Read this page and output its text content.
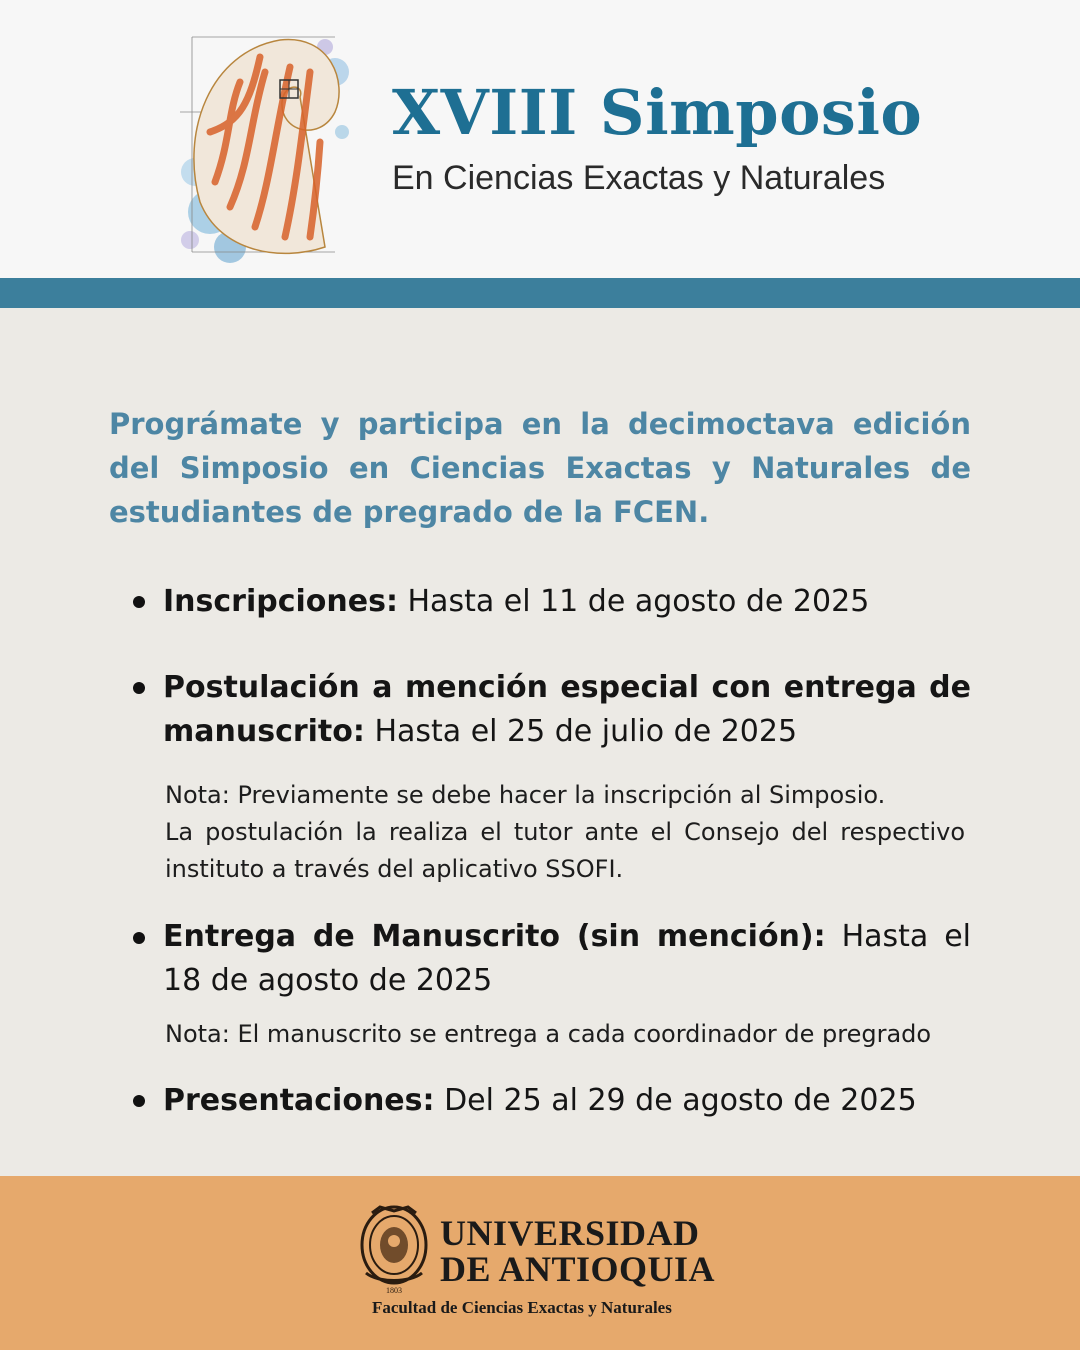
XVIII Simposio
En Ciencias Exactas y Naturales
Prográmate y participa en la decimoctava edición del Simposio en Ciencias Exactas y Naturales de estudiantes de pregrado de la FCEN.
Inscripciones: Hasta el 11 de agosto de 2025
Postulación a mención especial con entrega de manuscrito: Hasta el 25 de julio de 2025
Nota: Previamente se debe hacer la inscripción al Simposio.
La postulación la realiza el tutor ante el Consejo del respectivo instituto a través del aplicativo SSOFI.
Entrega de Manuscrito (sin mención): Hasta el 18 de agosto de 2025
Nota: El manuscrito se entrega a cada coordinador de pregrado
Presentaciones: Del 25 al 29 de agosto de 2025
1803
UNIVERSIDAD
DE ANTIOQUIA
Facultad de Ciencias Exactas y Naturales
